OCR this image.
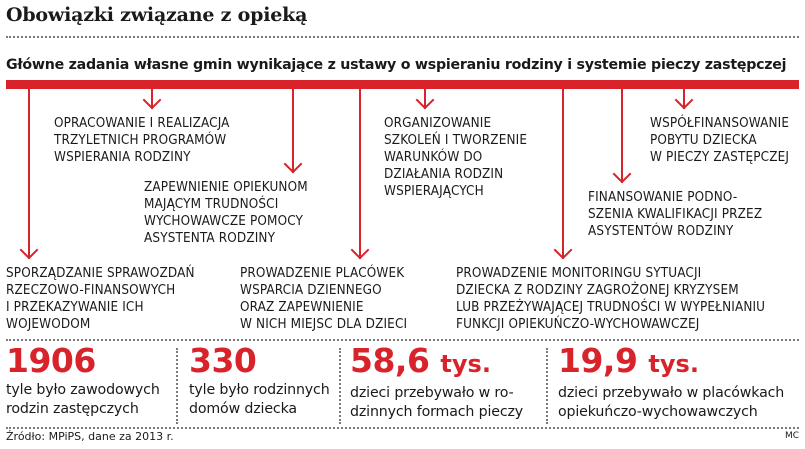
Obowiązki związane z opieką
Główne zadania własne gmin wynikające z ustawy o wspieraniu rodziny i systemie pieczy zastępczej
OPRACOWANIE I REALIZACJA
TRZYLETNICH PROGRAMÓW
WSPIERANIA RODZINY
ZAPEWNIENIE OPIEKUNOM
MAJĄCYM TRUDNOŚCI
WYCHOWAWCZE POMOCY
ASYSTENTA RODZINY
SPORZĄDZANIE SPRAWOZDAŃ
RZECZOWO-FINANSOWYCH
I PRZEKAZYWANIE ICH
WOJEWODOM
PROWADZENIE PLACÓWEK
WSPARCIA DZIENNEGO
ORAZ ZAPEWNIENIE
W NICH MIEJSC DLA DZIECI
ORGANIZOWANIE
SZKOLEŃ I TWORZENIE
WARUNKÓW DO
DZIAŁANIA RODZIN
WSPIERAJĄCYCH
PROWADZENIE MONITORINGU SYTUACJI
DZIECKA Z RODZINY ZAGROŻONEJ KRYZYSEM
LUB PRZEŻYWAJĄCEJ TRUDNOŚCI W WYPEŁNIANIU
FUNKCJI OPIEKUŃCZO-WYCHOWAWCZEJ
FINANSOWANIE PODNO-
SZENIA KWALIFIKACJI PRZEZ
ASYSTENTÓW RODZINY
WSPÓŁFINANSOWANIE
POBYTU DZIECKA
W PIECZY ZASTĘPCZEJ
1906
tyle było zawodowych
rodzin zastępczych
330
tyle było rodzinnych
domów dziecka
58,6 tys.
dzieci przebywało w ro-
dzinnych formach pieczy
19,9 tys.
dzieci przebywało w placówkach
opiekuńczo-wychowawczych
Źródło: MPiPS, dane za 2013 r.	MC
